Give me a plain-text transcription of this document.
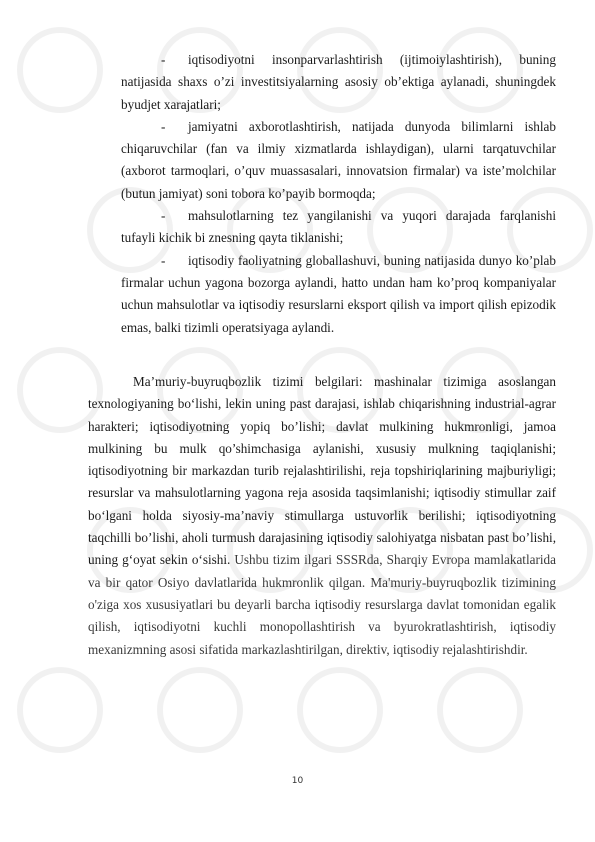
-	iqtisodiyotni insonparvarlashtirish (ijtimoiylashtirish), buning natijasida shaxs o’zi investitsiyalarning asosiy ob’ektiga aylanadi, shuningdek byudjet xarajatlari;

-	jamiyatni axborotlashtirish, natijada dunyoda bilimlarni ishlab chiqaruvchilar (fan va ilmiy xizmatlarda ishlaydigan), ularni tarqatuvchilar (axborot tarmoqlari, o’quv muassasalari, innovatsion firmalar) va iste’molchilar (butun jamiyat) soni tobora ko’payib bormoqda;

-	mahsulotlarning tez yangilanishi va yuqori darajada farqlanishi tufayli kichik bi znesning qayta tiklanishi;

-	iqtisodiy faoliyatning globallashuvi, buning natijasida dunyo ko’plab firmalar uchun yagona bozorga aylandi, hatto undan ham ko’proq kompaniyalar uchun mahsulotlar va iqtisodiy resurslarni eksport qilish va import qilish epizodik emas, balki tizimli operatsiyaga aylandi.

Ma’muriy-buyruqbozlik tizimi belgilari: mashinalar tizimiga asoslangan texnologiyaning bo‘lishi, lekin uning past darajasi, ishlab chiqarishning industrial-agrar harakteri; iqtisodiyotning yopiq bo’lishi; davlat mulkining hukmronligi, jamoa mulkining bu mulk qo’shimchasiga aylanishi, xususiy mulkning taqiqlanishi; iqtisodiyotning bir markazdan turib rejalashtirilishi, reja topshiriqlarining majburiyligi; resurslar va mahsulotlarning yagona reja asosida taqsimlanishi; iqtisodiy stimullar zaif bo‘lgani holda siyosiy-ma’naviy stimullarga ustuvorlik berilishi; iqtisodiyotning taqchilli bo’lishi, aholi turmush darajasining iqtisodiy salohiyatga nisbatan past bo’lishi, uning g‘oyat sekin o‘sishi. Ushbu tizim ilgari SSSRda, Sharqiy Evropa mamlakatlarida va bir qator Osiyo davlatlarida hukmronlik qilgan. Ma'muriy-buyruqbozlik tizimining o'ziga xos xususiyatlari bu deyarli barcha iqtisodiy resurslarga davlat tomonidan egalik qilish, iqtisodiyotni kuchli monopollashtirish va byurokratlashtirish, iqtisodiy mexanizmning asosi sifatida markazlashtirilgan, direktiv, iqtisodiy rejalashtirishdir.

10
